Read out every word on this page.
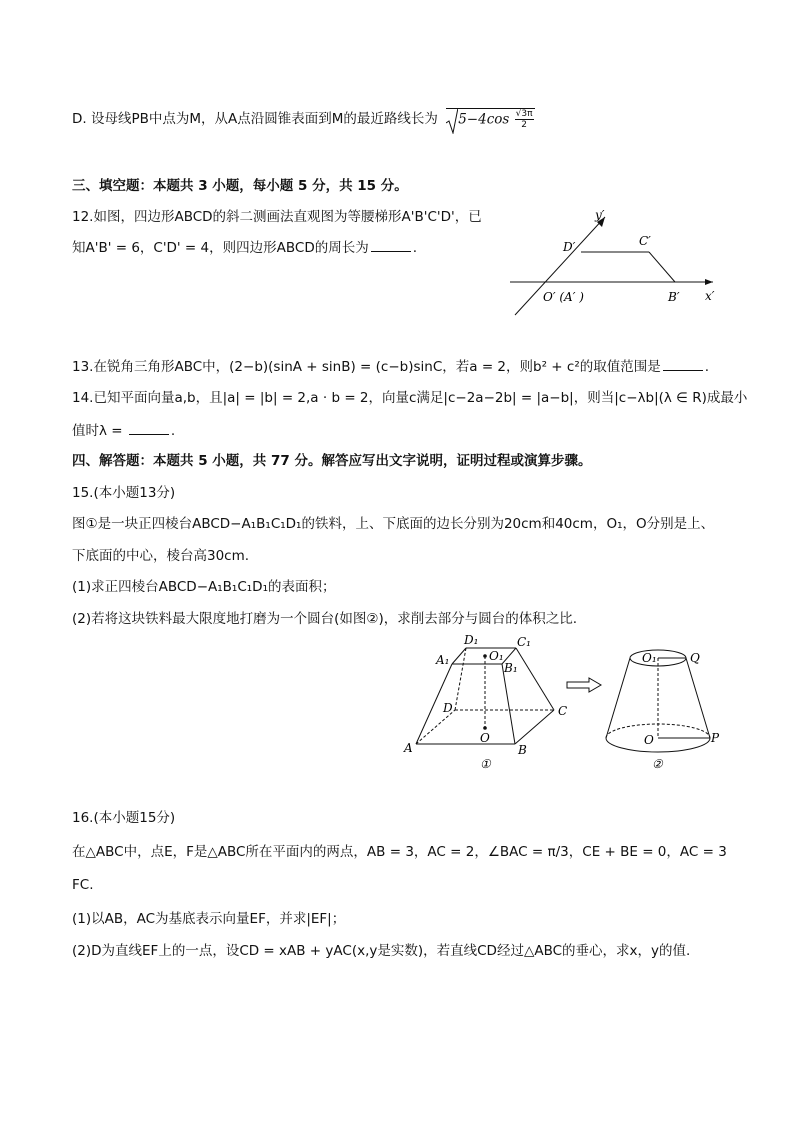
D. 设母线PB中点为M，从A点沿圆锥表面到M的最近路线长为 $5-4\cos \frac{√3\pi}{2}$
三、填空题：本题共 3 小题，每小题 5 分，共 15 分。
12.如图，四边形ABCD的斜二测画法直观图为等腰梯形A'B'C'D'，已
知A'B' = 6，C'D' = 4，则四边形ABCD的周长为	.
y′
x′
D′	C′
O′ (A′ )	B′
13.在锐角三角形ABC中，(2−b)(sinA + sinB) = (c−b)sinC，若a = 2，则b² + c²的取值范围是	.
14.已知平面向量a,b，且|a| = |b| = 2,a · b = 2，向量c满足|c−2a−2b| = |a−b|，则当|c−λb|(λ ∈ R)成最小
值时λ =	.
四、解答题：本题共 5 小题，共 77 分。解答应写出文字说明，证明过程或演算步骤。
15.(本小题13分)
图①是一块正四棱台ABCD−A₁B₁C₁D₁的铁料，上、下底面的边长分别为20cm和40cm，O₁，O分别是上、
下底面的中心，棱台高30cm.
(1)求正四棱台ABCD−A₁B₁C₁D₁的表面积；
(2)若将这块铁料最大限度地打磨为一个圆台(如图②)，求削去部分与圆台的体积之比.
A	B
C
D
O
A₁
B₁
C₁
D₁
O₁
①
O₁	Q
O	P
②
16.(本小题15分)
在△ABC中，点E，F是△ABC所在平面内的两点，AB = 3，AC = 2，∠BAC = π/3，CE + BE = 0，AC = 3
FC.
(1)以AB，AC为基底表示向量EF，并求|EF|；
(2)D为直线EF上的一点，设CD = xAB + yAC(x,y是实数)，若直线CD经过△ABC的垂心，求x，y的值.
